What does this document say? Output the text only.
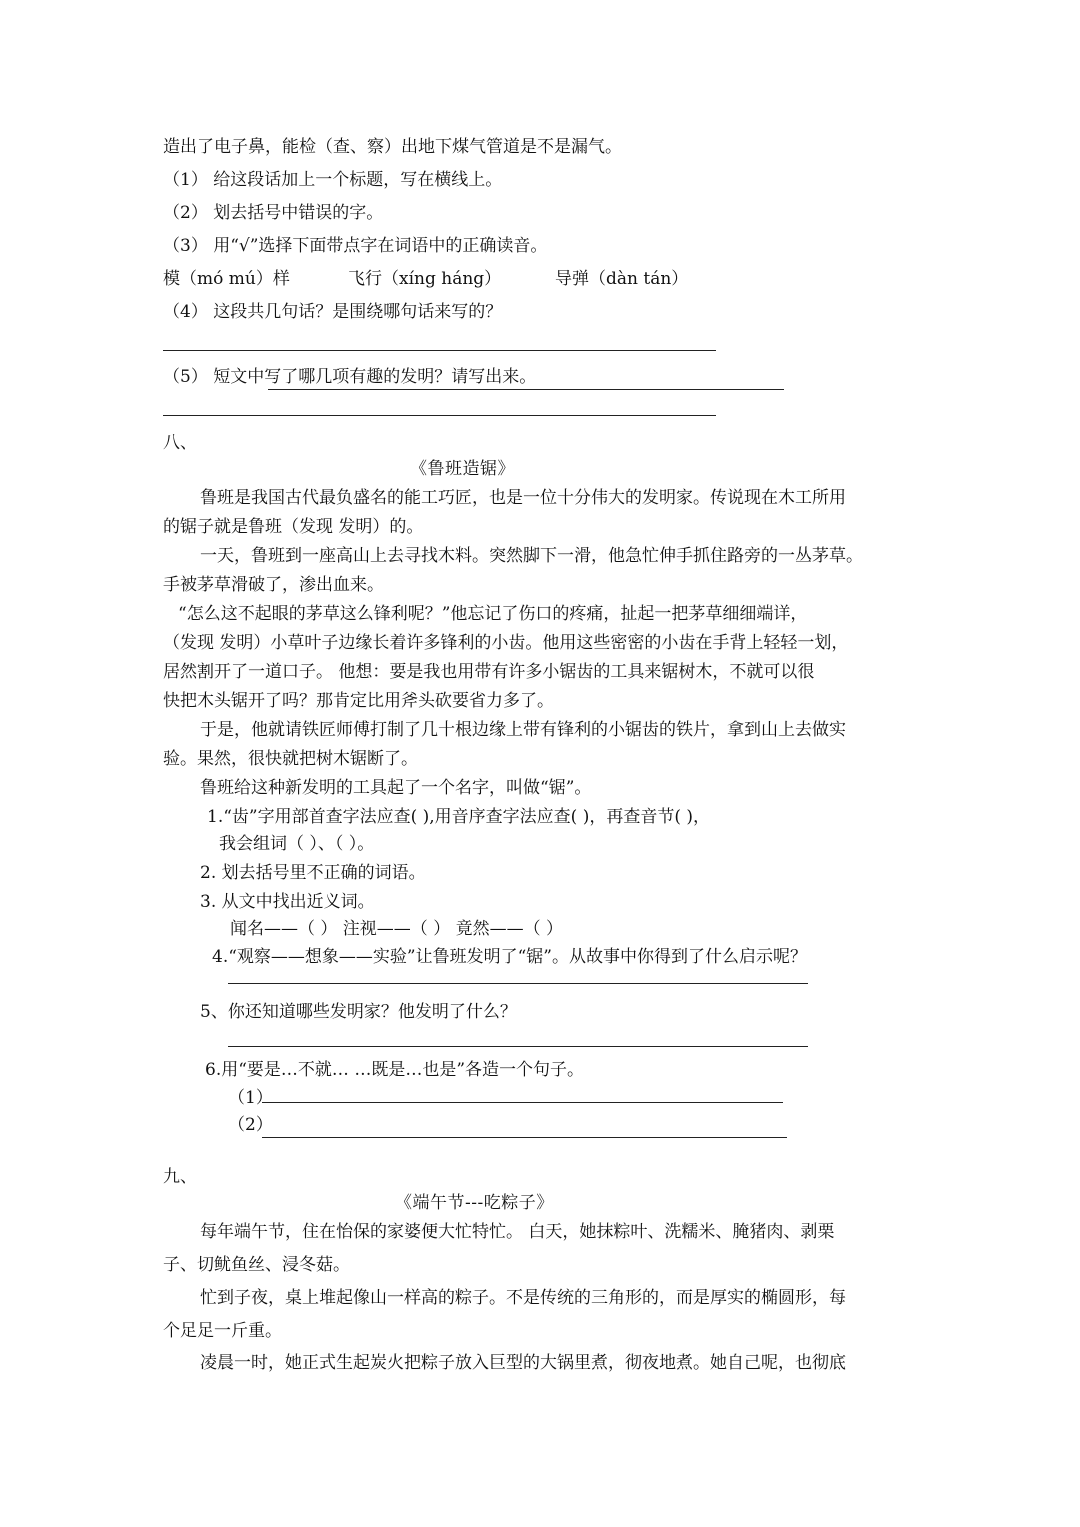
造出了电子鼻，能检（查、察）出地下煤气管道是不是漏气。
（1） 给这段话加上一个标题，写在横线上。
（2） 划去括号中错误的字。
（3） 用“√”选择下面带点字在词语中的正确读音。
模（mó mú）样	飞行（xíng háng）	导弹（dàn tán）
（4） 这段共几句话？是围绕哪句话来写的？
（5） 短文中写了哪几项有趣的发明？请写出来。
八、
《鲁班造锯》
鲁班是我国古代最负盛名的能工巧匠，也是一位十分伟大的发明家。传说现在木工所用
的锯子就是鲁班（发现 发明）的。
一天，鲁班到一座高山上去寻找木料。突然脚下一滑，他急忙伸手抓住路旁的一丛茅草。
手被茅草滑破了，渗出血来。
“怎么这不起眼的茅草这么锋利呢？”他忘记了伤口的疼痛，扯起一把茅草细细端详，
（发现 发明）小草叶子边缘长着许多锋利的小齿。他用这些密密的小齿在手背上轻轻一划，
居然割开了一道口子。 他想：要是我也用带有许多小锯齿的工具来锯树木，不就可以很
快把木头锯开了吗？那肯定比用斧头砍要省力多了。
于是，他就请铁匠师傅打制了几十根边缘上带有锋利的小锯齿的铁片，拿到山上去做实
验。果然，很快就把树木锯断了。
鲁班给这种新发明的工具起了一个名字，叫做“锯”。
1.“齿”字用部首查字法应查( ),用音序查字法应查( )，再查音节( )，
我会组词（ ）、（ ）。
2. 划去括号里不正确的词语。
3. 从文中找出近义词。
闻名——（ ） 注视——（ ） 竟然——（ ）
4.“观察——想象——实验”让鲁班发明了“锯”。从故事中你得到了什么启示呢？
5、你还知道哪些发明家？他发明了什么？
6.用“要是…不就… …既是…也是”各造一个句子。
（1）
（2）
九、
《端午节---吃粽子》
每年端午节，住在怡保的家婆便大忙特忙。 白天，她抹粽叶、洗糯米、腌猪肉、剥栗
子、切鱿鱼丝、浸冬菇。
忙到子夜，桌上堆起像山一样高的粽子。不是传统的三角形的，而是厚实的椭圆形，每
个足足一斤重。
凌晨一时，她正式生起炭火把粽子放入巨型的大锅里煮，彻夜地煮。她自己呢，也彻底
